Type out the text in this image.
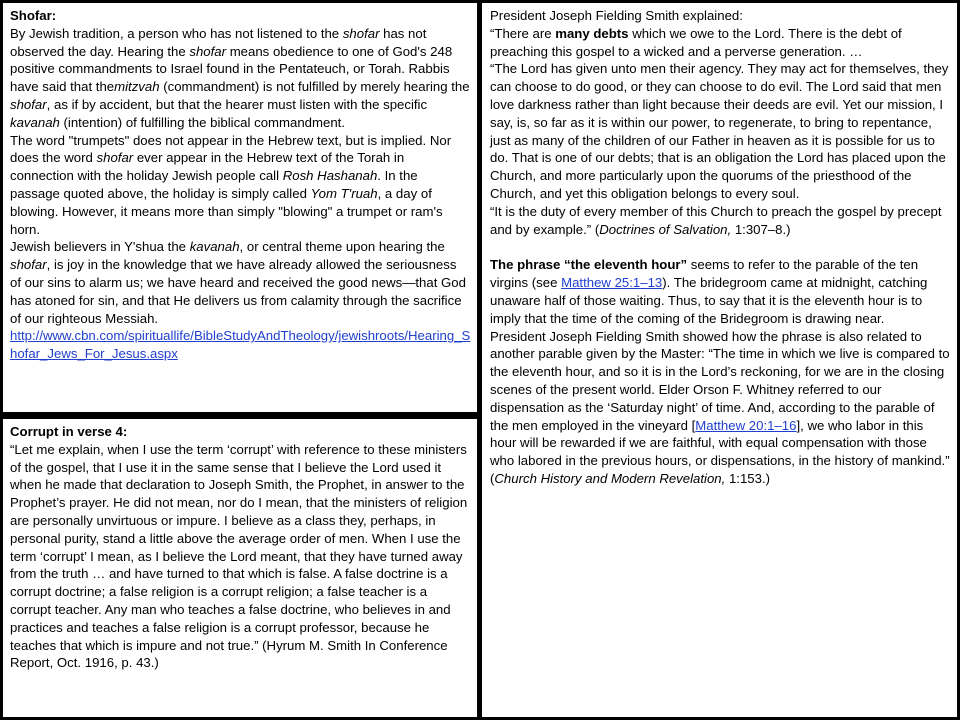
Shofar:

By Jewish tradition, a person who has not listened to the shofar has not observed the day. Hearing the shofar means obedience to one of God's 248 positive commandments to Israel found in the Pentateuch, or Torah. Rabbis have said that themitzvah (commandment) is not fulfilled by merely hearing the shofar, as if by accident, but that the hearer must listen with the specific kavanah (intention) of fulfilling the biblical commandment.

The word "trumpets" does not appear in the Hebrew text, but is implied. Nor does the word shofar ever appear in the Hebrew text of the Torah in connection with the holiday Jewish people call Rosh Hashanah. In the passage quoted above, the holiday is simply called Yom T'ruah, a day of blowing. However, it means more than simply "blowing" a trumpet or ram's horn.

Jewish believers in Y'shua the kavanah, or central theme upon hearing the shofar, is joy in the knowledge that we have already allowed the seriousness of our sins to alarm us; we have heard and received the good news—that God has atoned for sin, and that He delivers us from calamity through the sacrifice of our righteous Messiah.

http://www.cbn.com/spirituallife/BibleStudyAndTheology/jewishroots/Hearing_Shofar_Jews_For_Jesus.aspx

Corrupt in verse 4:

“Let me explain, when I use the term ‘corrupt’ with reference to these ministers of the gospel, that I use it in the same sense that I believe the Lord used it when he made that declaration to Joseph Smith, the Prophet, in answer to the Prophet’s prayer. He did not mean, nor do I mean, that the ministers of religion are personally unvirtuous or impure. I believe as a class they, perhaps, in personal purity, stand a little above the average order of men. When I use the term ‘corrupt’ I mean, as I believe the Lord meant, that they have turned away from the truth … and have turned to that which is false. A false doctrine is a corrupt doctrine; a false religion is a corrupt religion; a false teacher is a corrupt teacher. Any man who teaches a false doctrine, who believes in and practices and teaches a false religion is a corrupt professor, because he teaches that which is impure and not true.” (Hyrum M. Smith In Conference Report, Oct. 1916, p. 43.)

President Joseph Fielding Smith explained:

“There are many debts which we owe to the Lord. There is the debt of preaching this gospel to a wicked and a perverse generation. …

“The Lord has given unto men their agency. They may act for themselves, they can choose to do good, or they can choose to do evil. The Lord said that men love darkness rather than light because their deeds are evil. Yet our mission, I say, is, so far as it is within our power, to regenerate, to bring to repentance, just as many of the children of our Father in heaven as it is possible for us to do. That is one of our debts; that is an obligation the Lord has placed upon the Church, and more particularly upon the quorums of the priesthood of the Church, and yet this obligation belongs to every soul.

“It is the duty of every member of this Church to preach the gospel by precept and by example.” (Doctrines of Salvation, 1:307–8.)

The phrase “the eleventh hour” seems to refer to the parable of the ten virgins (see Matthew 25:1–13). The bridegroom came at midnight, catching unaware half of those waiting. Thus, to say that it is the eleventh hour is to imply that the time of the coming of the Bridegroom is drawing near.

President Joseph Fielding Smith showed how the phrase is also related to another parable given by the Master: “The time in which we live is compared to the eleventh hour, and so it is in the Lord’s reckoning, for we are in the closing scenes of the present world. Elder Orson F. Whitney referred to our dispensation as the ‘Saturday night’ of time. And, according to the parable of the men employed in the vineyard [Matthew 20:1–16], we who labor in this hour will be rewarded if we are faithful, with equal compensation with those who labored in the previous hours, or dispensations, in the history of mankind.” (Church History and Modern Revelation, 1:153.)
